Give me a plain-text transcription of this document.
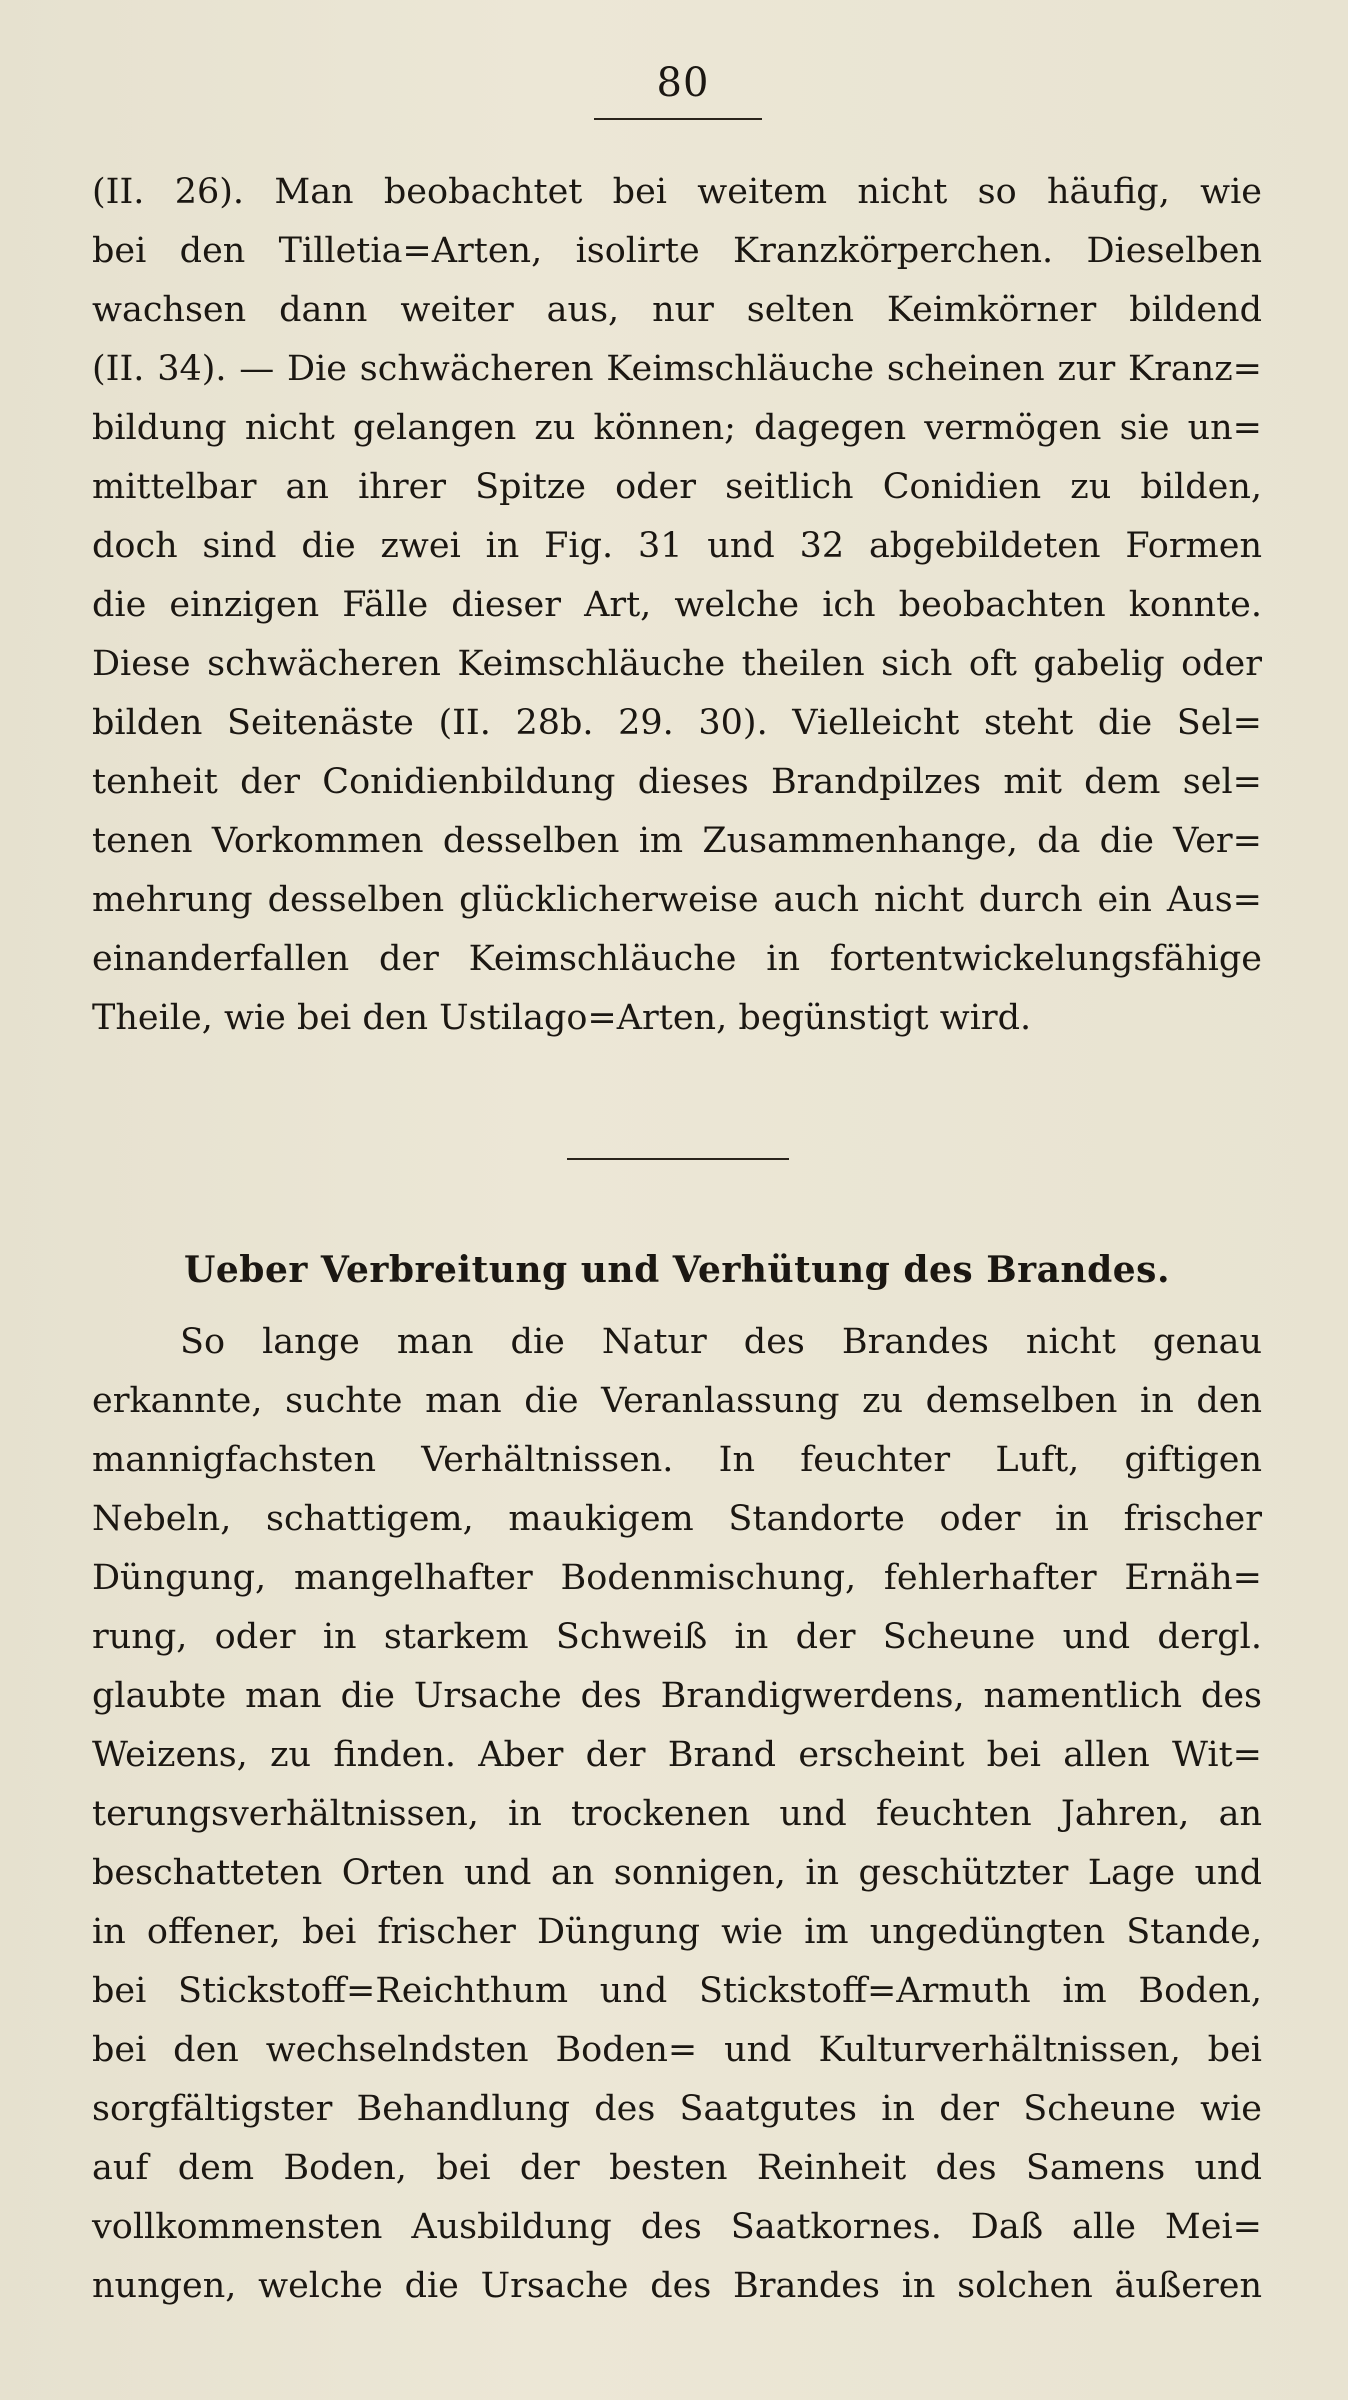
80
(II. 26). Man beobachtet bei weitem nicht so häufig, wie
bei den Tilletia=Arten, isolirte Kranzkörperchen. Dieselben
wachsen dann weiter aus, nur selten Keimkörner bildend
(II. 34). — Die schwächeren Keimschläuche scheinen zur Kranz=
bildung nicht gelangen zu können; dagegen vermögen sie un=
mittelbar an ihrer Spitze oder seitlich Conidien zu bilden,
doch sind die zwei in Fig. 31 und 32 abgebildeten Formen
die einzigen Fälle dieser Art, welche ich beobachten konnte.
Diese schwächeren Keimschläuche theilen sich oft gabelig oder
bilden Seitenäste (II. 28b. 29. 30). Vielleicht steht die Sel=
tenheit der Conidienbildung dieses Brandpilzes mit dem sel=
tenen Vorkommen desselben im Zusammenhange, da die Ver=
mehrung desselben glücklicherweise auch nicht durch ein Aus=
einanderfallen der Keimschläuche in fortentwickelungsfähige
Theile, wie bei den Ustilago=Arten, begünstigt wird.
Ueber Verbreitung und Verhütung des Brandes.
So lange man die Natur des Brandes nicht genau
erkannte, suchte man die Veranlassung zu demselben in den
mannigfachsten Verhältnissen. In feuchter Luft, giftigen
Nebeln, schattigem, maukigem Standorte oder in frischer
Düngung, mangelhafter Bodenmischung, fehlerhafter Ernäh=
rung, oder in starkem Schweiß in der Scheune und dergl.
glaubte man die Ursache des Brandigwerdens, namentlich des
Weizens, zu finden. Aber der Brand erscheint bei allen Wit=
terungsverhältnissen, in trockenen und feuchten Jahren, an
beschatteten Orten und an sonnigen, in geschützter Lage und
in offener, bei frischer Düngung wie im ungedüngten Stande,
bei Stickstoff=Reichthum und Stickstoff=Armuth im Boden,
bei den wechselndsten Boden= und Kulturverhältnissen, bei
sorgfältigster Behandlung des Saatgutes in der Scheune wie
auf dem Boden, bei der besten Reinheit des Samens und
vollkommensten Ausbildung des Saatkornes. Daß alle Mei=
nungen, welche die Ursache des Brandes in solchen äußeren
